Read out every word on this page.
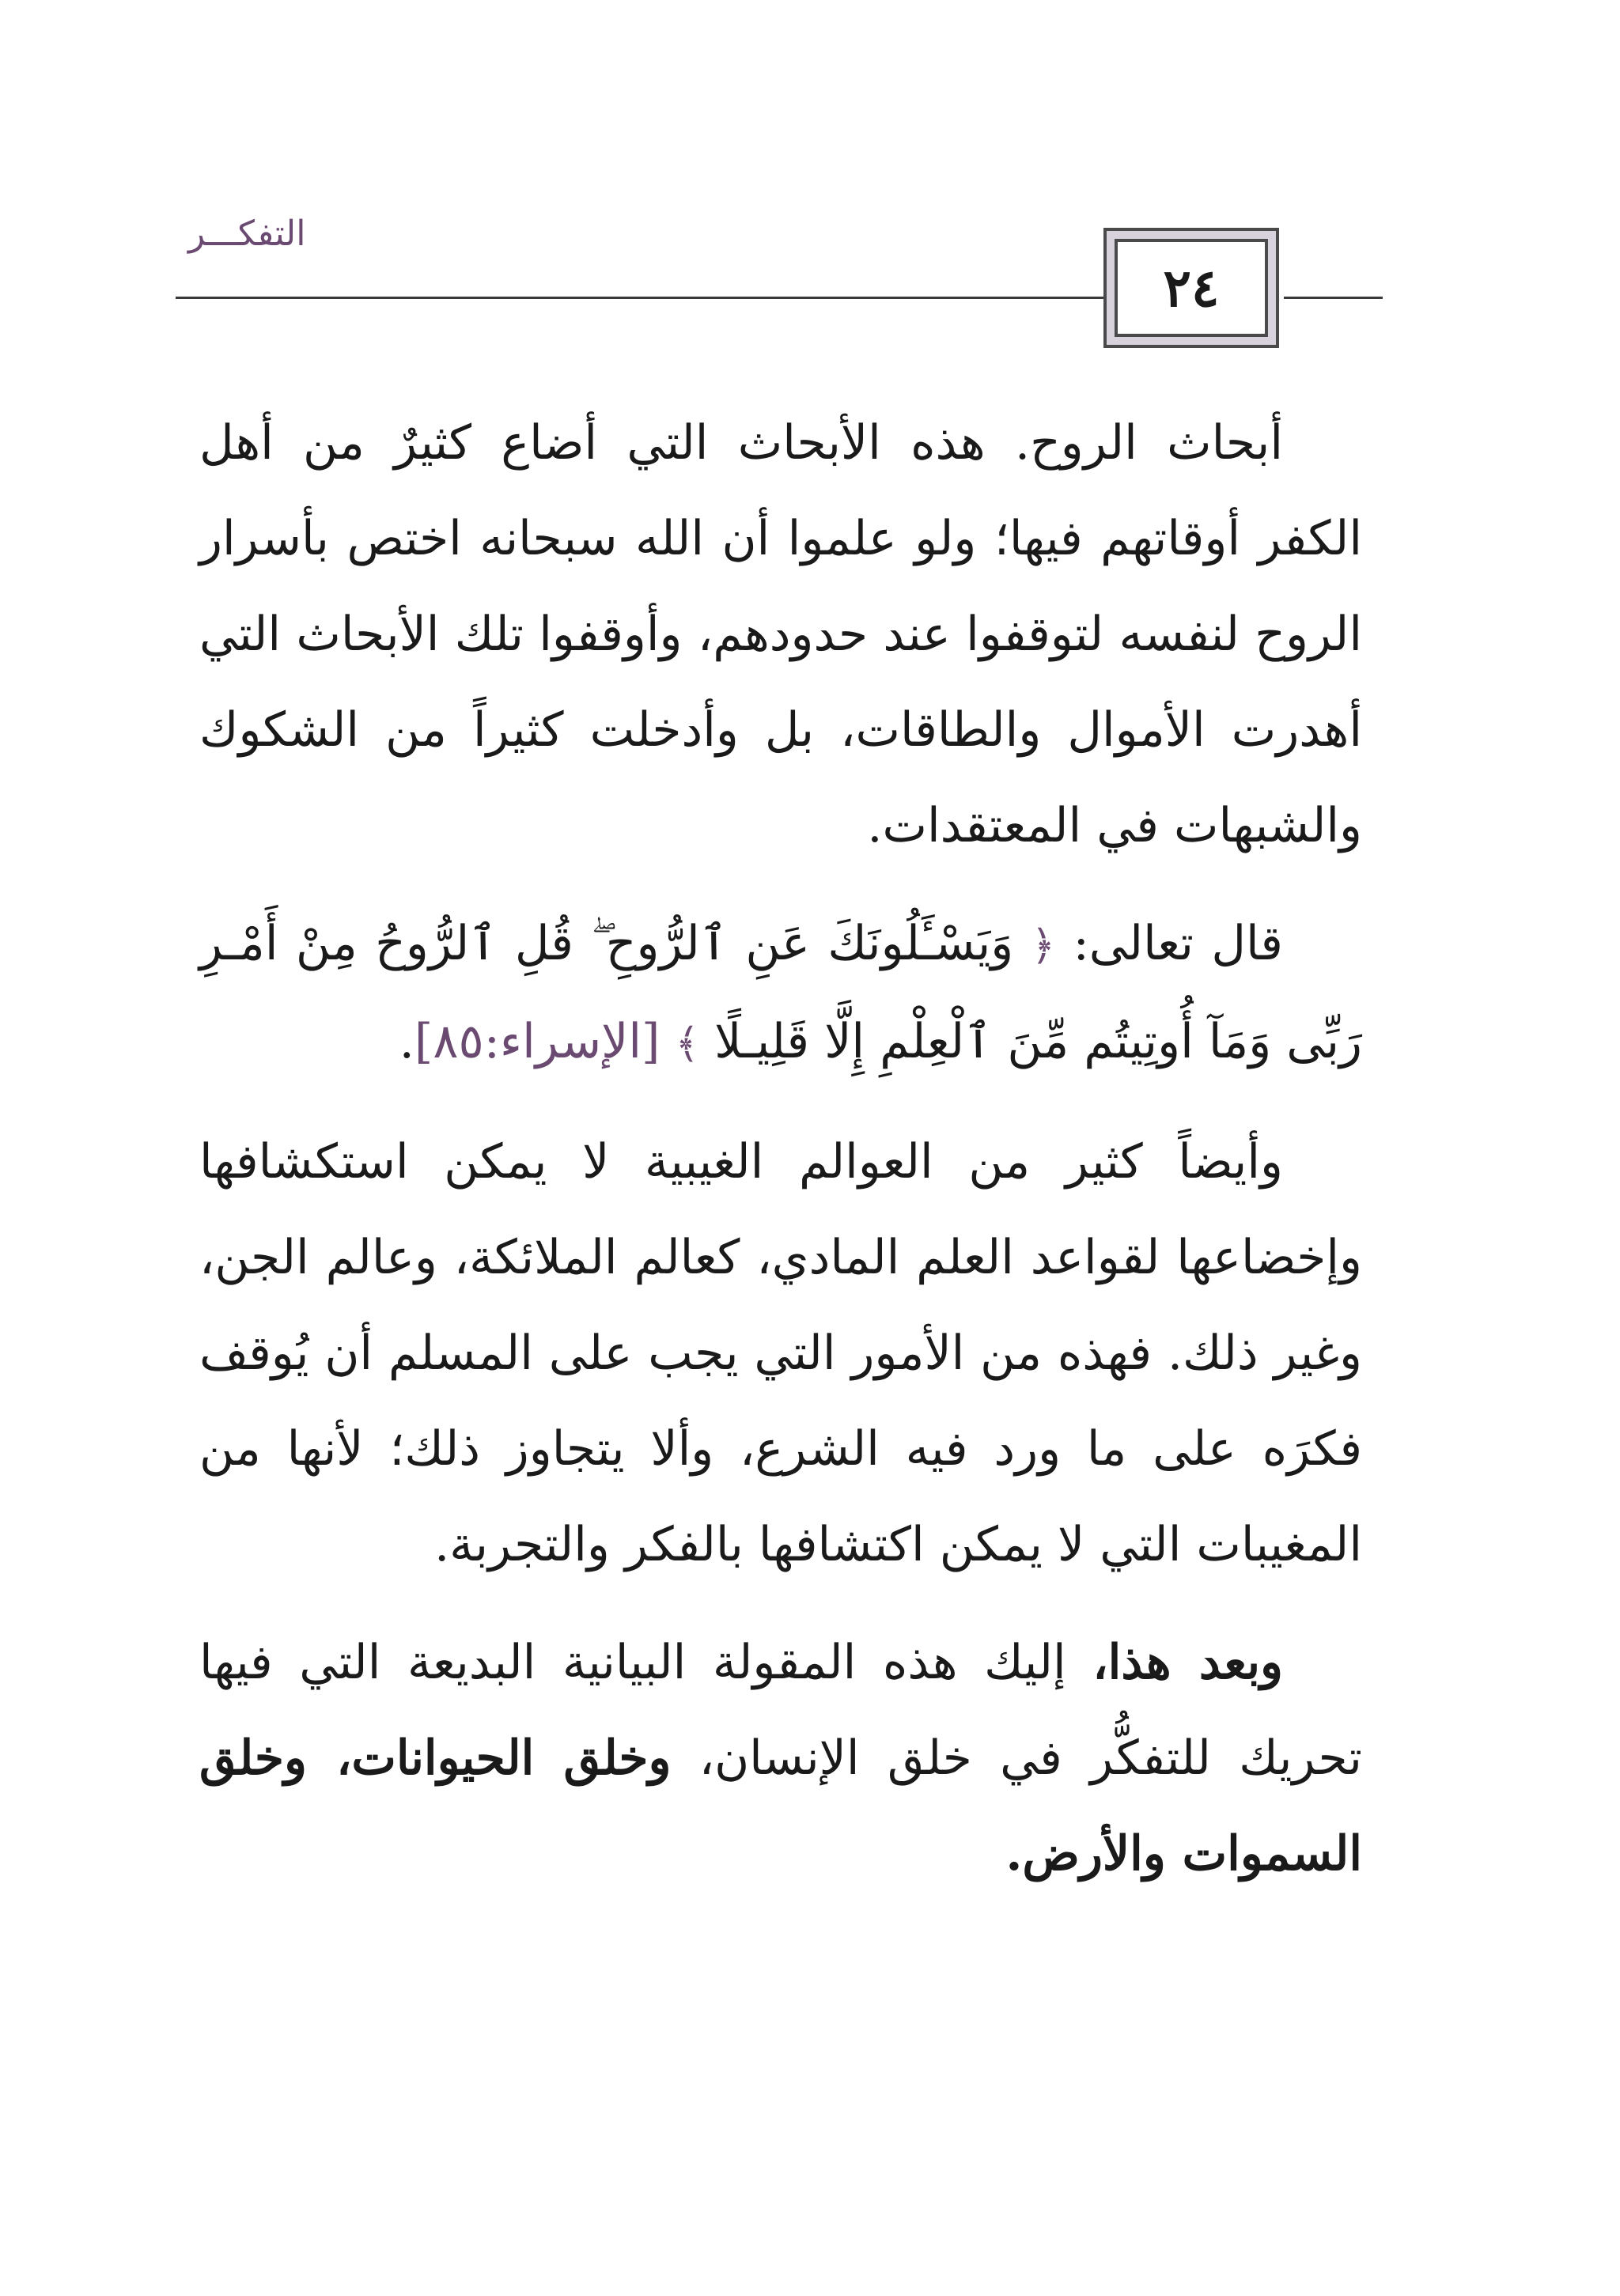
التفكـــر
٢٤

أبحاث الروح. هذه الأبحاث التي أضاع كثيرٌ من أهل الكفر أوقاتهم فيها؛ ولو علموا أن الله سبحانه اختص بأسرار الروح لنفسه لتوقفوا عند حدودهم، وأوقفوا تلك الأبحاث التي أهدرت الأموال والطاقات، بل وأدخلت كثيراً من الشكوك والشبهات في المعتقدات.

قال تعالى: ﴿ وَيَسْـَٔلُونَكَ عَنِ ٱلرُّوحِ ۖ قُلِ ٱلرُّوحُ مِنْ أَمْـرِ رَبِّى وَمَآ أُوتِيتُم مِّنَ ٱلْعِلْمِ إِلَّا قَلِيـلًا ﴾ [الإسراء:٨٥].

وأيضاً كثير من العوالم الغيبية لا يمكن استكشافها وإخضاعها لقواعد العلم المادي، كعالم الملائكة، وعالم الجن، وغير ذلك. فهذه من الأمور التي يجب على المسلم أن يُوقف فكرَه على ما ورد فيه الشرع، وألا يتجاوز ذلك؛ لأنها من المغيبات التي لا يمكن اكتشافها بالفكر والتجربة.

وبعد هذا، إليك هذه المقولة البيانية البديعة التي فيها تحريك للتفكُّر في خلق الإنسان، وخلق الحيوانات، وخلق السموات والأرض.
